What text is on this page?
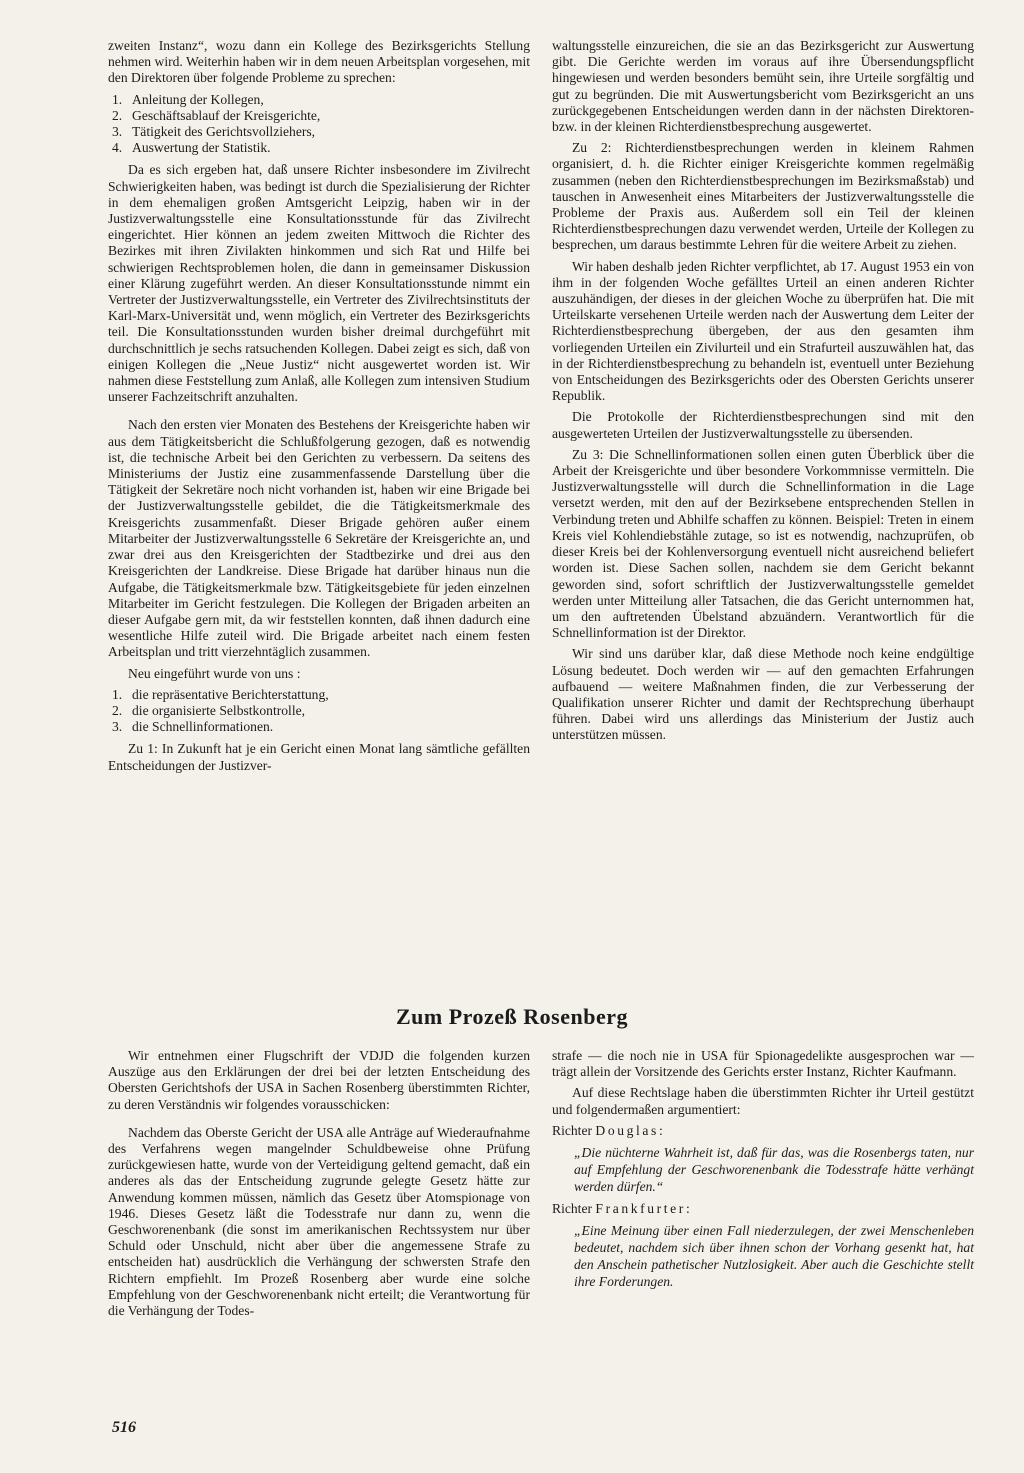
zweiten Instanz“, wozu dann ein Kollege des Bezirksgerichts Stellung nehmen wird. Weiterhin haben wir in dem neuen Arbeitsplan vorgesehen, mit den Direktoren über folgende Probleme zu sprechen:

1. Anleitung der Kollegen,
2. Geschäftsablauf der Kreisgerichte,
3. Tätigkeit des Gerichtsvollziehers,
4. Auswertung der Statistik.

Da es sich ergeben hat, daß unsere Richter insbesondere im Zivilrecht Schwierigkeiten haben, was bedingt ist durch die Spezialisierung der Richter in dem ehemaligen großen Amtsgericht Leipzig, haben wir in der Justizverwaltungsstelle eine Konsultationsstunde für das Zivilrecht eingerichtet. Hier können an jedem zweiten Mittwoch die Richter des Bezirkes mit ihren Zivilakten hinkommen und sich Rat und Hilfe bei schwierigen Rechtsproblemen holen, die dann in gemeinsamer Diskussion einer Klärung zugeführt werden. An dieser Konsultationsstunde nimmt ein Vertreter der Justizverwaltungsstelle, ein Vertreter des Zivilrechtsinstituts der Karl-Marx-Universität und, wenn möglich, ein Vertreter des Bezirksgerichts teil. Die Konsultationsstunden wurden bisher dreimal durchgeführt mit durchschnittlich je sechs ratsuchenden Kollegen. Dabei zeigt es sich, daß von einigen Kollegen die „Neue Justiz“ nicht ausgewertet worden ist. Wir nahmen diese Feststellung zum Anlaß, alle Kollegen zum intensiven Studium unserer Fachzeitschrift anzuhalten.

Nach den ersten vier Monaten des Bestehens der Kreisgerichte haben wir aus dem Tätigkeitsbericht die Schlußfolgerung gezogen, daß es notwendig ist, die technische Arbeit bei den Gerichten zu verbessern. Da seitens des Ministeriums der Justiz eine zusammenfassende Darstellung über die Tätigkeit der Sekretäre noch nicht vorhanden ist, haben wir eine Brigade bei der Justizverwaltungsstelle gebildet, die die Tätigkeitsmerkmale des Kreisgerichts zusammenfaßt. Dieser Brigade gehören außer einem Mitarbeiter der Justizverwaltungsstelle 6 Sekretäre der Kreisgerichte an, und zwar drei aus den Kreisgerichten der Stadtbezirke und drei aus den Kreisgerichten der Landkreise. Diese Brigade hat darüber hinaus nun die Aufgabe, die Tätigkeitsmerkmale bzw. Tätigkeitsgebiete für jeden einzelnen Mitarbeiter im Gericht festzulegen. Die Kollegen der Brigaden arbeiten an dieser Aufgabe gern mit, da wir feststellen konnten, daß ihnen dadurch eine wesentliche Hilfe zuteil wird. Die Brigade arbeitet nach einem festen Arbeitsplan und tritt vierzehntäglich zusammen.

Neu eingeführt wurde von uns :

1. die repräsentative Berichterstattung,
2. die organisierte Selbstkontrolle,
3. die Schnellinformationen.

Zu 1: In Zukunft hat je ein Gericht einen Monat lang sämtliche gefällten Entscheidungen der Justizver-

waltungsstelle einzureichen, die sie an das Bezirksgericht zur Auswertung gibt. Die Gerichte werden im voraus auf ihre Übersendungspflicht hingewiesen und werden besonders bemüht sein, ihre Urteile sorgfältig und gut zu begründen. Die mit Auswertungsbericht vom Bezirksgericht an uns zurückgegebenen Entscheidungen werden dann in der nächsten Direktoren- bzw. in der kleinen Richterdienstbesprechung ausgewertet.

Zu 2: Richterdienstbesprechungen werden in kleinem Rahmen organisiert, d. h. die Richter einiger Kreisgerichte kommen regelmäßig zusammen (neben den Richterdienstbesprechungen im Bezirksmaßstab) und tauschen in Anwesenheit eines Mitarbeiters der Justizverwaltungsstelle die Probleme der Praxis aus. Außerdem soll ein Teil der kleinen Richterdienstbesprechungen dazu verwendet werden, Urteile der Kollegen zu besprechen, um daraus bestimmte Lehren für die weitere Arbeit zu ziehen.

Wir haben deshalb jeden Richter verpflichtet, ab 17. August 1953 ein von ihm in der folgenden Woche gefälltes Urteil an einen anderen Richter auszuhändigen, der dieses in der gleichen Woche zu überprüfen hat. Die mit Urteilskarte versehenen Urteile werden nach der Auswertung dem Leiter der Richterdienstbesprechung übergeben, der aus den gesamten ihm vorliegenden Urteilen ein Zivilurteil und ein Strafurteil auszuwählen hat, das in der Richterdienstbesprechung zu behandeln ist, eventuell unter Beziehung von Entscheidungen des Bezirksgerichts oder des Obersten Gerichts unserer Republik.

Die Protokolle der Richterdienstbesprechungen sind mit den ausgewerteten Urteilen der Justizverwaltungsstelle zu übersenden.

Zu 3: Die Schnellinformationen sollen einen guten Überblick über die Arbeit der Kreisgerichte und über besondere Vorkommnisse vermitteln. Die Justizverwaltungsstelle will durch die Schnellinformation in die Lage versetzt werden, mit den auf der Bezirksebene entsprechenden Stellen in Verbindung treten und Abhilfe schaffen zu können. Beispiel: Treten in einem Kreis viel Kohlendiebstähle zutage, so ist es notwendig, nachzuprüfen, ob dieser Kreis bei der Kohlenversorgung eventuell nicht ausreichend beliefert worden ist. Diese Sachen sollen, nachdem sie dem Gericht bekannt geworden sind, sofort schriftlich der Justizverwaltungsstelle gemeldet werden unter Mitteilung aller Tatsachen, die das Gericht unternommen hat, um den auftretenden Übelstand abzuändern. Verantwortlich für die Schnellinformation ist der Direktor.

Wir sind uns darüber klar, daß diese Methode noch keine endgültige Lösung bedeutet. Doch werden wir — auf den gemachten Erfahrungen aufbauend — weitere Maßnahmen finden, die zur Verbesserung der Qualifikation unserer Richter und damit der Rechtsprechung überhaupt führen. Dabei wird uns allerdings das Ministerium der Justiz auch unterstützen müssen.

Zum Prozeß Rosenberg

Wir entnehmen einer Flugschrift der VDJD die folgenden kurzen Auszüge aus den Erklärungen der drei bei der letzten Entscheidung des Obersten Gerichtshofs der USA in Sachen Rosenberg überstimmten Richter, zu deren Verständnis wir folgendes vorausschicken:

Nachdem das Oberste Gericht der USA alle Anträge auf Wiederaufnahme des Verfahrens wegen mangelnder Schuldbeweise ohne Prüfung zurückgewiesen hatte, wurde von der Verteidigung geltend gemacht, daß ein anderes als das der Entscheidung zugrunde gelegte Gesetz hätte zur Anwendung kommen müssen, nämlich das Gesetz über Atomspionage von 1946. Dieses Gesetz läßt die Todesstrafe nur dann zu, wenn die Geschworenenbank (die sonst im amerikanischen Rechtssystem nur über Schuld oder Unschuld, nicht aber über die angemessene Strafe zu entscheiden hat) ausdrücklich die Verhängung der schwersten Strafe den Richtern empfiehlt. Im Prozeß Rosenberg aber wurde eine solche Empfehlung von der Geschworenenbank nicht erteilt; die Verantwortung für die Verhängung der Todes-

strafe — die noch nie in USA für Spionagedelikte ausgesprochen war — trägt allein der Vorsitzende des Gerichts erster Instanz, Richter Kaufmann.

Auf diese Rechtslage haben die überstimmten Richter ihr Urteil gestützt und folgendermaßen argumentiert:

Richter Douglas:

„Die nüchterne Wahrheit ist, daß für das, was die Rosenbergs taten, nur auf Empfehlung der Geschworenenbank die Todesstrafe hätte verhängt werden dürfen.“

Richter Frankfurter:

„Eine Meinung über einen Fall niederzulegen, der zwei Menschenleben bedeutet, nachdem sich über ihnen schon der Vorhang gesenkt hat, hat den Anschein pathetischer Nutzlosigkeit. Aber auch die Geschichte stellt ihre Forderungen.

516
